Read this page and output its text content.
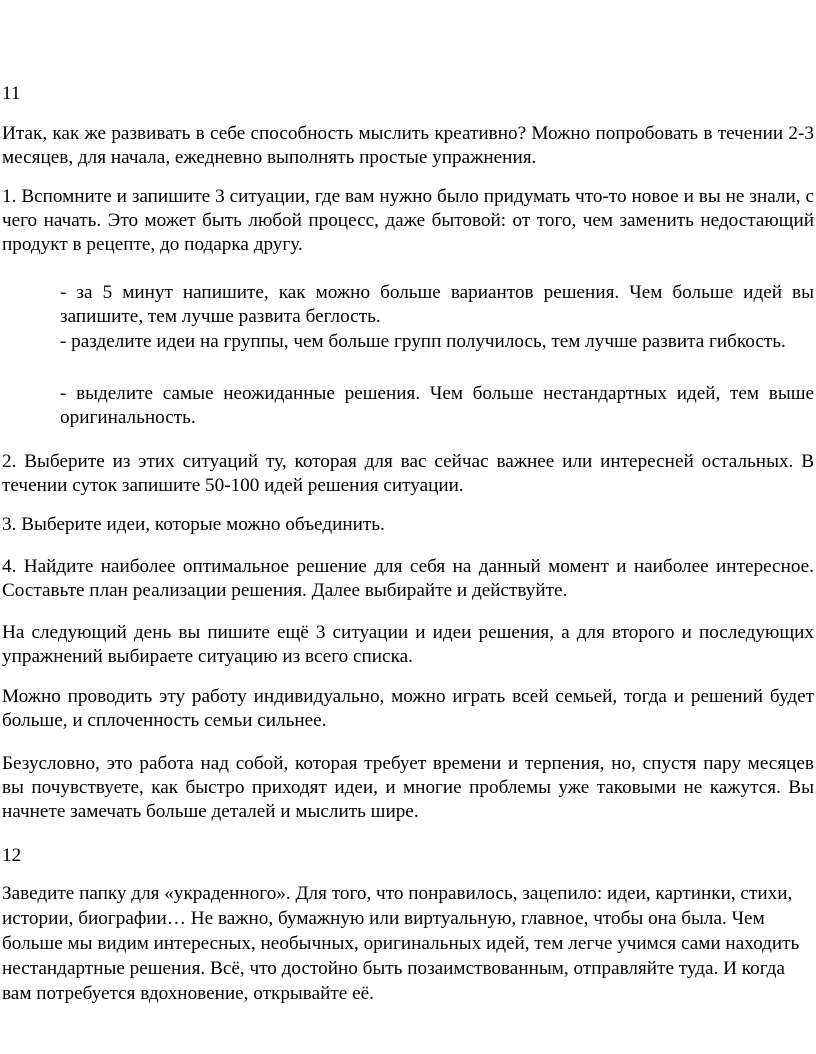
11

Итак, как же развивать в себе способность мыслить креативно? Можно попробовать в течении 2-3 месяцев, для начала, ежедневно выполнять простые упражнения.

1. Вспомните и запишите 3 ситуации, где вам нужно было придумать что-то новое и вы не знали, с чего начать. Это может быть любой процесс, даже бытовой: от того, чем заменить недостающий продукт в рецепте, до подарка другу.

- за 5 минут напишите, как можно больше вариантов решения. Чем больше идей вы запишите, тем лучше развита беглость.

- разделите идеи на группы, чем больше групп получилось, тем лучше развита гибкость.

- выделите самые неожиданные решения. Чем больше нестандартных идей, тем выше оригинальность.

2. Выберите из этих ситуаций ту, которая для вас сейчас важнее или интересней остальных. В течении суток запишите 50-100 идей решения ситуации.

3. Выберите идеи, которые можно объединить.

4. Найдите наиболее оптимальное решение для себя на данный момент и наиболее интересное. Составьте план реализации решения. Далее выбирайте и действуйте.

На следующий день вы пишите ещё 3 ситуации и идеи решения, а для второго и последующих упражнений выбираете ситуацию из всего списка.

Можно проводить эту работу индивидуально, можно играть всей семьей, тогда и решений будет больше, и сплоченность семьи сильнее.

Безусловно, это работа над собой, которая требует времени и терпения, но, спустя пару месяцев вы почувствуете, как быстро приходят идеи, и многие проблемы уже таковыми не кажутся. Вы начнете замечать больше деталей и мыслить шире.

12

Заведите папку для «украденного». Для того, что понравилось, зацепило: идеи, картинки, стихи, истории, биографии… Не важно, бумажную или виртуальную, главное, чтобы она была. Чем больше мы видим интересных, необычных, оригинальных идей, тем легче учимся сами находить нестандартные решения. Всё, что достойно быть позаимствованным, отправляйте туда. И когда вам потребуется вдохновение, открывайте её.
